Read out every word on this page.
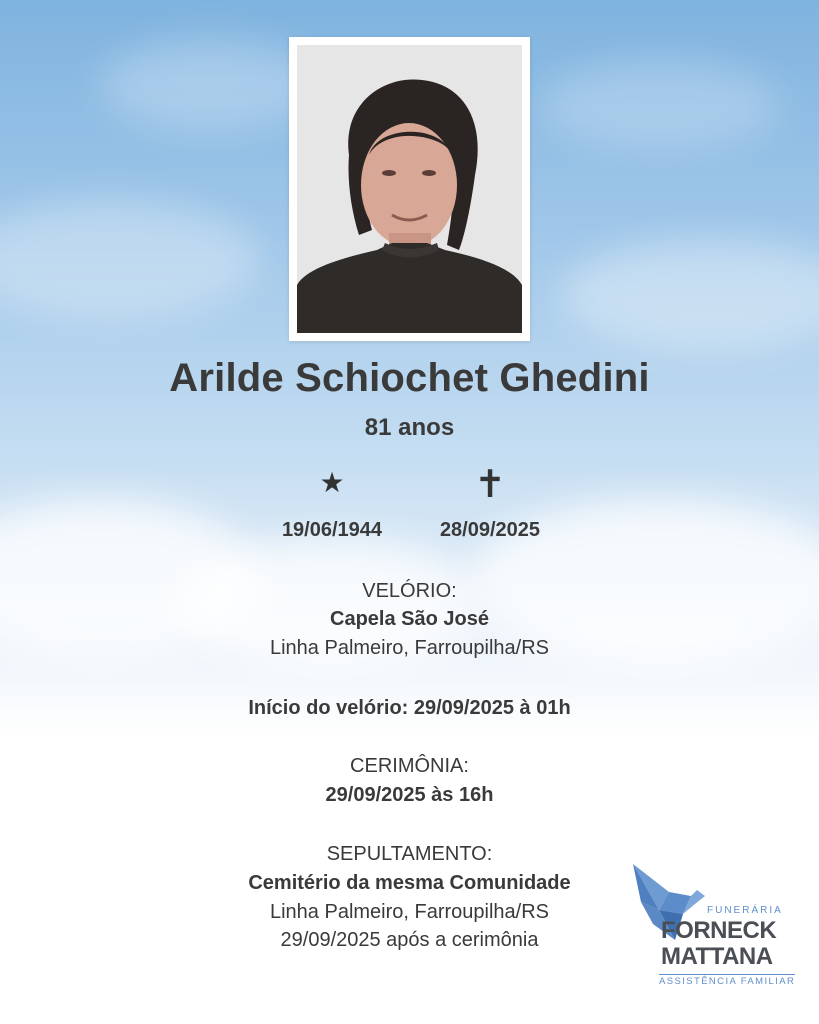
Arilde Schiochet Ghedini
81 anos
★	✝
19/06/1944	28/09/2025
VELÓRIO:
Capela São José
Linha Palmeiro, Farroupilha/RS
Início do velório: 29/09/2025 à 01h
CERIMÔNIA:
29/09/2025 às 16h
SEPULTAMENTO:
Cemitério da mesma Comunidade
Linha Palmeiro, Farroupilha/RS
29/09/2025 após a cerimônia
FUNERÁRIA
FORNECK
MATTANA
ASSISTÊNCIA FAMILIAR
